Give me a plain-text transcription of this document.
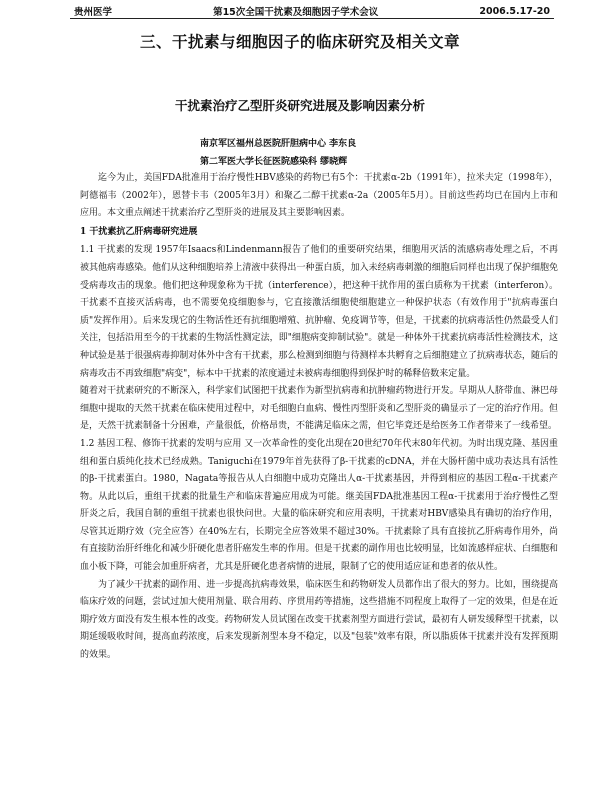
贵州医学	第15次全国干扰素及细胞因子学术会议	2006.5.17-20
三、干扰素与细胞因子的临床研究及相关文章
干扰素治疗乙型肝炎研究进展及影响因素分析
南京军区福州总医院肝胆病中心 李东良
第二军医大学长征医院感染科 缪晓辉

迄今为止，美国FDA批准用于治疗慢性HBV感染的药物已有5个：干扰素α-2b（1991年），拉米夫定（1998年），阿德福韦（2002年），恩替卡韦（2005年3月）和聚乙二醇干扰素α-2a（2005年5月）。目前这些药均已在国内上市和应用。本文重点阐述干扰素治疗乙型肝炎的进展及其主要影响因素。

1 干扰素抗乙肝病毒研究进展

1.1 干扰素的发现 1957年Isaacs和Lindenmann报告了他们的重要研究结果，细胞用灭活的流感病毒处理之后，不再被其他病毒感染。他们从这种细胞培养上清液中获得出一种蛋白质，加入未经病毒刺激的细胞后同样也出现了保护细胞免受病毒攻击的现象。他们把这种现象称为干扰（interference），把这种干扰作用的蛋白质称为干扰素（interferon）。干扰素不直接灭活病毒，也不需要免疫细胞参与，它直接激活细胞使细胞建立一种保护状态（有效作用于"抗病毒蛋白质"发挥作用）。后来发现它的生物活性还有抗细胞增殖、抗肿瘤、免疫调节等，但是，干扰素的抗病毒活性仍然最受人们关注，包括沿用至今的干扰素的生物活性测定法，即"细胞病变抑制试验"。就是一种体外干扰素抗病毒活性检测技术，这种试验是基于很强病毒抑制对体外中含有干扰素，那么检测到细胞与待测样本共孵育之后细胞建立了抗病毒状态，随后的病毒攻击不再致细胞"病变"，标本中干扰素的浓度通过未被病毒细胞得到保护时的稀释倍数来定量。

随着对干扰素研究的不断深入，科学家们试图把干扰素作为新型抗病毒和抗肿瘤药物进行开发。早期从人脐带血、淋巴母细胞中提取的天然干扰素在临床使用过程中，对毛细胞白血病、慢性丙型肝炎和乙型肝炎的确显示了一定的治疗作用。但是，天然干扰素制备十分困难，产量很低，价格昂贵，不能满足临床之需，但它毕竟还是给医务工作者带来了一线希望。

1.2 基因工程、修饰干扰素的发明与应用 又一次革命性的变化出现在20世纪70年代末80年代初。为时出现克隆、基因重组和蛋白质纯化技术已经成熟。Taniguchi在1979年首先获得了β-干扰素的cDNA，并在大肠杆菌中成功表达具有活性的β-干扰素蛋白。1980，Nagata等报告从人白细胞中成功克隆出人α-干扰素基因，并得到相应的基因工程α-干扰素产物。从此以后，重组干扰素的批量生产和临床普遍应用成为可能。继美国FDA批准基因工程α-干扰素用于治疗慢性乙型肝炎之后，我国自制的重组干扰素也很快问世。大量的临床研究和应用表明，干扰素对HBV感染具有确切的治疗作用，尽管其近期疗效（完全应答）在40%左右，长期完全应答效果不超过30%。干扰素除了具有直接抗乙肝病毒作用外，尚有直接防治肝纤维化和减少肝硬化患者肝癌发生率的作用。但是干扰素的副作用也比较明显，比如流感样症状、白细胞和血小板下降，可能会加重肝病者，尤其是肝硬化患者病情的进展，限制了它的使用适应证和患者的依从性。

为了减少干扰素的副作用、进一步提高抗病毒效果，临床医生和药物研发人员都作出了很大的努力。比如，围绕提高临床疗效的问题，尝试过加大使用剂量、联合用药、序贯用药等措施，这些措施不同程度上取得了一定的效果，但是在近期疗效方面没有发生根本性的改变。药物研发人员试图在改变干扰素剂型方面进行尝试，最初有人研发缓释型干扰素，以期延缓吸收时间，提高血药浓度，后来发现新剂型本身不稳定，以及"包装"效率有限，所以脂质体干扰素并没有发挥预期的效果。
